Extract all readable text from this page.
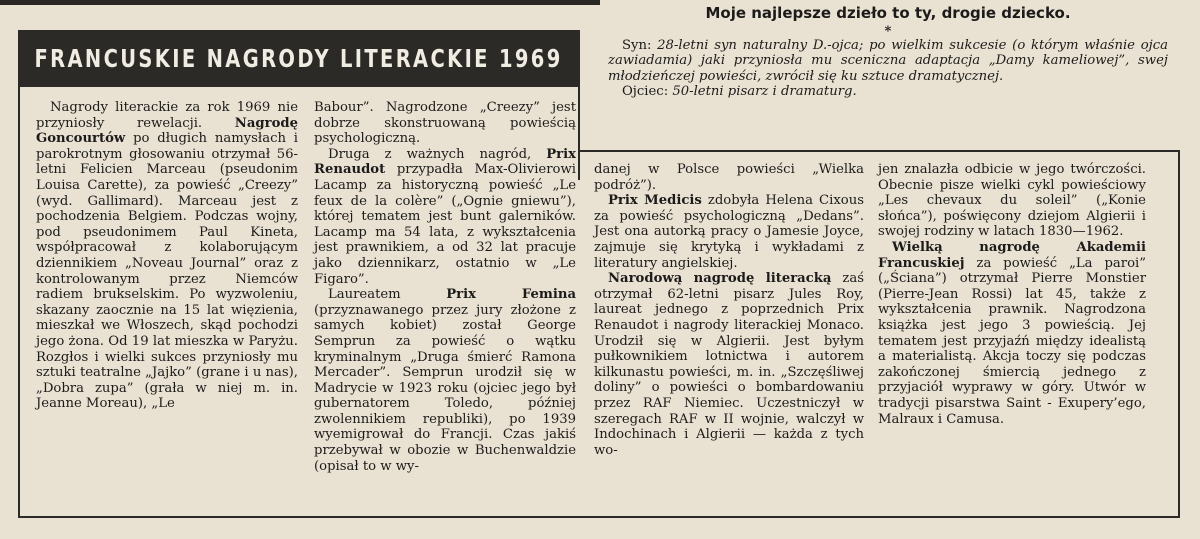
Moje najlepsze dzieło to ty, drogie dziecko.
*

Syn: 28-letni syn naturalny D.-ojca; po wielkim sukcesie (o którym właśnie ojca zawiadamia) jaki przyniosła mu sceniczna adaptacja „Damy kameliowej”, swej młodzieńczej powieści, zwrócił się ku sztuce dramatycznej.

Ojciec: 50-letni pisarz i dramaturg.

FRANCUSKIE NAGRODY LITERACKIE 1969

Nagrody literackie za rok 1969 nie przyniosły rewelacji. Nagrodę Goncourtów po długich namysłach i parokrotnym głosowaniu otrzymał 56-letni Felicien Marceau (pseudonim Louisa Carette), za powieść „Creezy” (wyd. Gallimard). Marceau jest z pochodzenia Belgiem. Podczas wojny, pod pseudonimem Paul Kineta, współpracował z kolaborującym dziennikiem „Noveau Journal” oraz z kontrolowanym przez Niemców radiem brukselskim. Po wyzwoleniu, skazany zaocznie na 15 lat więzienia, mieszkał we Włoszech, skąd pochodzi jego żona. Od 19 lat mieszka w Paryżu. Rozgłos i wielki sukces przyniosły mu sztuki teatralne „Jajko” (grane i u nas), „Dobra zupa” (grała w niej m. in. Jeanne Moreau), „Le

Babour”. Nagrodzone „Creezy” jest dobrze skonstruowaną powieścią psychologiczną.

Druga z ważnych nagród, Prix Renaudot przypadła Max-Olivierowi Lacamp za historyczną powieść „Le feux de la colère” („Ognie gniewu”), której tematem jest bunt galerników. Lacamp ma 54 lata, z wykształcenia jest prawnikiem, a od 32 lat pracuje jako dziennikarz, ostatnio w „Le Figaro”.

Laureatem	Prix Femina (przyznawanego przez jury złożone z samych kobiet) został George Semprun za powieść o wątku kryminalnym „Druga śmierć Ramona Mercader”. Semprun urodził się w Madrycie w 1923 roku (ojciec jego był gubernatorem Toledo, później zwolennikiem republiki), po 1939 wyemigrował do Francji. Czas jakiś przebywał w obozie w Buchenwaldzie (opisał to w wy-

danej w Polsce powieści „Wielka podróż”).

Prix Medicis zdobyła Helena Cixous za powieść psychologiczną „Dedans”. Jest ona autorką pracy o Jamesie Joyce, zajmuje się krytyką i wykładami z literatury angielskiej.

Narodową nagrodę literacką zaś otrzymał 62-letni pisarz Jules Roy, laureat jednego z poprzednich Prix Renaudot i nagrody literackiej Monaco. Urodził się w Algierii. Jest byłym pułkownikiem lotnictwa i autorem kilkunastu powieści, m. in. „Szczęśliwej doliny” o powieści o bombardowaniu przez RAF Niemiec. Uczestniczył w szeregach RAF w II wojnie, walczył w Indochinach i Algierii — każda z tych wo-

jen znalazła odbicie w jego twórczości. Obecnie pisze wielki cykl powieściowy „Les chevaux du soleil” („Konie słońca”), poświęcony dziejom Algierii i swojej rodziny w latach 1830—1962.

Wielką nagrodę Akademii Francuskiej za powieść „La paroi” („Ściana”) otrzymał Pierre Monstier (Pierre-Jean Rossi) lat 45, także z wykształcenia prawnik. Nagrodzona książka jest jego 3 powieścią. Jej tematem jest przyjaźń między idealistą a materialistą. Akcja toczy się podczas zakończonej śmiercią jednego z przyjaciół wyprawy w góry. Utwór w tradycji pisarstwa Saint - Exupery’ego, Malraux i Camusa.
